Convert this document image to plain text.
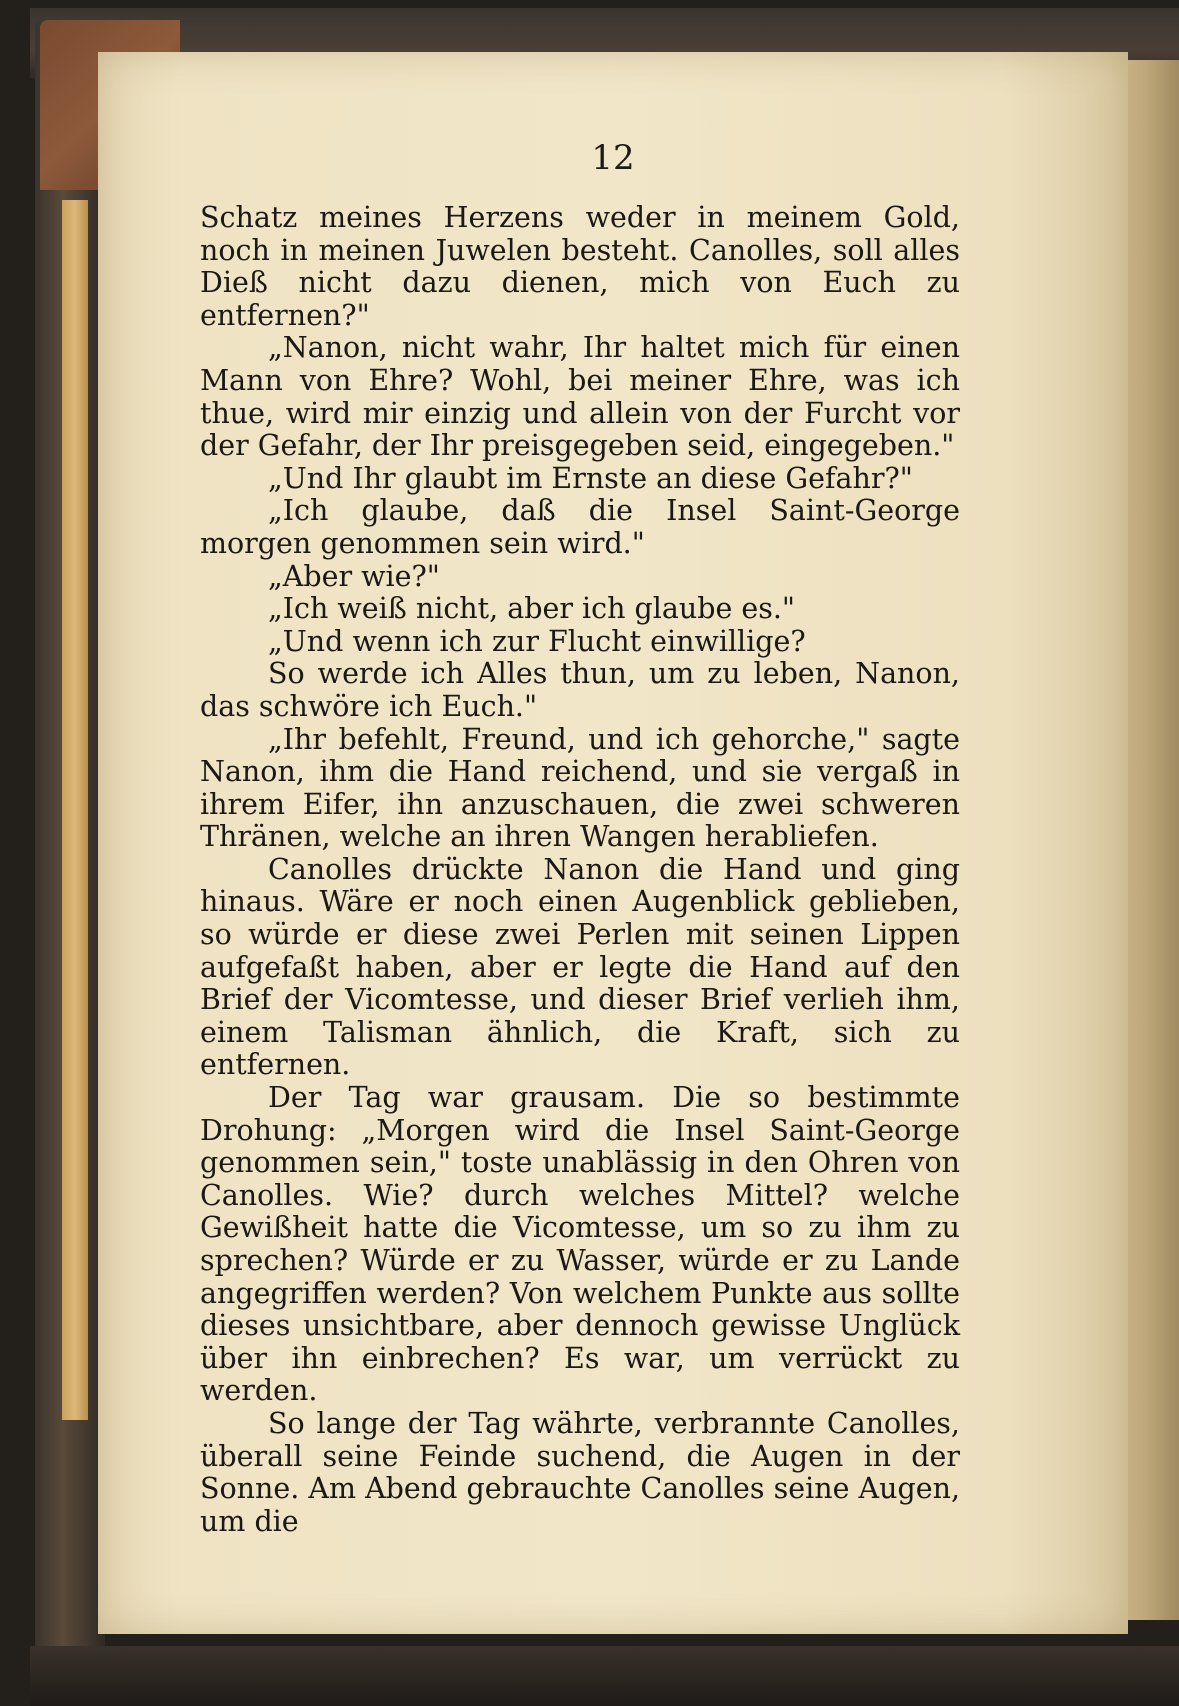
12

Schatz meines Herzens weder in meinem Gold, noch in meinen Juwelen besteht. Canolles, soll alles Dieß nicht dazu dienen, mich von Euch zu entfernen?"

„Nanon, nicht wahr, Ihr haltet mich für einen Mann von Ehre? Wohl, bei meiner Ehre, was ich thue, wird mir einzig und allein von der Furcht vor der Gefahr, der Ihr preisgegeben seid, eingegeben."

„Und Ihr glaubt im Ernste an diese Gefahr?"

„Ich glaube, daß die Insel Saint-George morgen genommen sein wird."

„Aber wie?"

„Ich weiß nicht, aber ich glaube es."

„Und wenn ich zur Flucht einwillige?

So werde ich Alles thun, um zu leben, Nanon, das schwöre ich Euch."

„Ihr befehlt, Freund, und ich gehorche," sagte Nanon, ihm die Hand reichend, und sie vergaß in ihrem Eifer, ihn anzuschauen, die zwei schweren Thränen, welche an ihren Wangen herabliefen.

Canolles drückte Nanon die Hand und ging hinaus. Wäre er noch einen Augenblick geblieben, so würde er diese zwei Perlen mit seinen Lippen aufgefaßt haben, aber er legte die Hand auf den Brief der Vicomtesse, und dieser Brief verlieh ihm, einem Talisman ähnlich, die Kraft, sich zu entfernen.

Der Tag war grausam. Die so bestimmte Drohung: „Morgen wird die Insel Saint-George genommen sein," toste unablässig in den Ohren von Canolles. Wie? durch welches Mittel? welche Gewißheit hatte die Vicomtesse, um so zu ihm zu sprechen? Würde er zu Wasser, würde er zu Lande angegriffen werden? Von welchem Punkte aus sollte dieses unsichtbare, aber dennoch gewisse Unglück über ihn einbrechen? Es war, um verrückt zu werden.

So lange der Tag währte, verbrannte Canolles, überall seine Feinde suchend, die Augen in der Sonne. Am Abend gebrauchte Canolles seine Augen, um die
